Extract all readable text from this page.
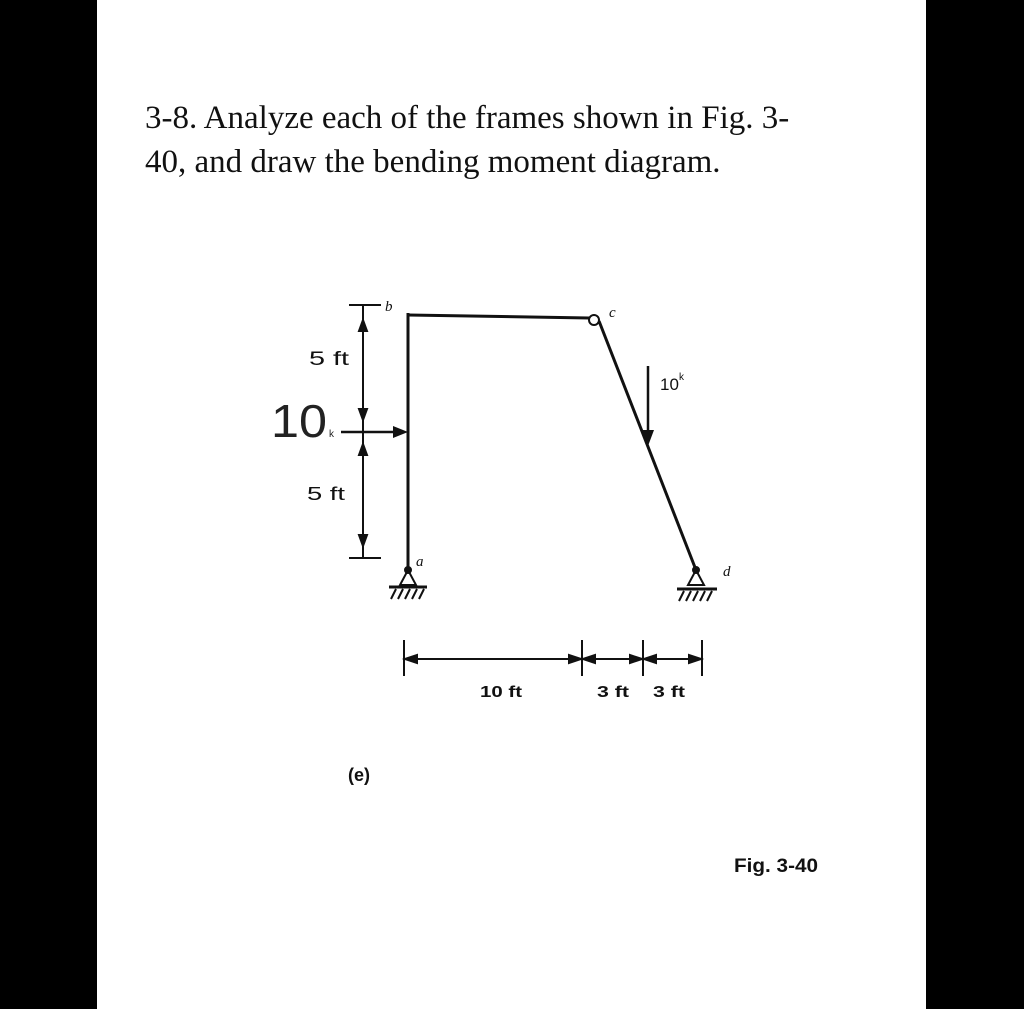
3-8. Analyze each of the frames shown in Fig. 3-
40, and draw the bending moment diagram.

b	c
a
d
10 k
10 k
5 ft
5 ft
10 ft	3 ft 3 ft
(e)
Fig. 3-40
